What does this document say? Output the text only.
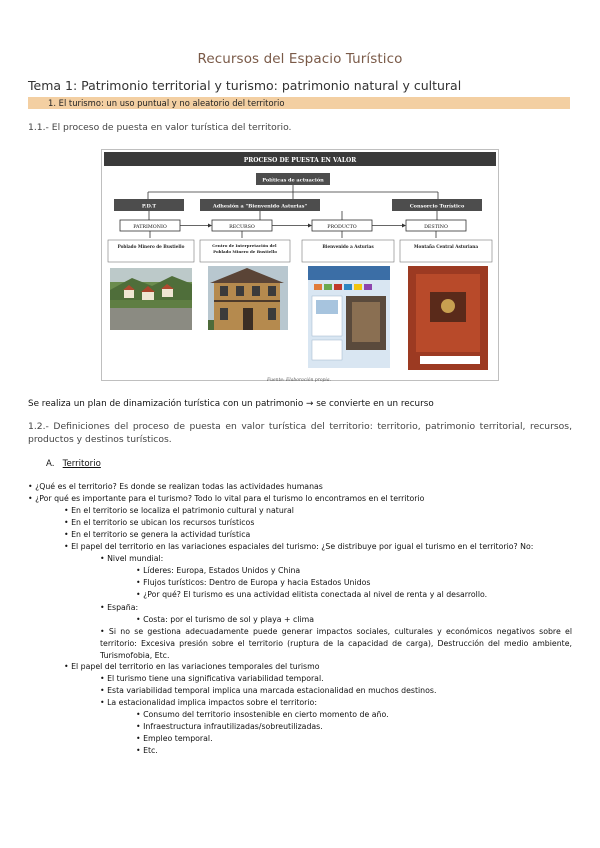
Recursos del Espacio Turístico
Tema 1: Patrimonio territorial y turismo: patrimonio natural y cultural
1. El turismo: un uso puntual y no aleatorio del territorio
1.1.- El proceso de puesta en valor turística del territorio.
PROCESO DE PUESTA EN VALOR
Políticas de actuación
P.D.T	Adhesión a "Bienvenido Asturias"	Consorcio Turístico
PATRIMONIO	RECURSO	PRODUCTO	DESTINO
Poblado Minero de Bustiello	Centro de Interpretación del Poblado Minero de Bustiello
Bienvenido a Asturias	Montaña Central Asturiana
Fuente: Elaboración propia.
Se realiza un plan de dinamización turística con un patrimonio → se convierte en un recurso
1.2.- Definiciones del proceso de puesta en valor turística del territorio: territorio, patrimonio territorial, recursos, productos y destinos turísticos.
A. Territorio
• ¿Qué es el territorio? Es donde se realizan todas las actividades humanas
• ¿Por qué es importante para el turismo? Todo lo vital para el turismo lo encontramos en el territorio
• En el territorio se localiza el patrimonio cultural y natural
• En el territorio se ubican los recursos turísticos
• En el territorio se genera la actividad turística
• El papel del territorio en las variaciones espaciales del turismo: ¿Se distribuye por igual el turismo en el territorio? No:
• Nivel mundial:
• Líderes: Europa, Estados Unidos y China
• Flujos turísticos: Dentro de Europa y hacia Estados Unidos
• ¿Por qué? El turismo es una actividad elitista conectada al nivel de renta y al desarrollo.
• España:
• Costa: por el turismo de sol y playa + clima
• Si no se gestiona adecuadamente puede generar impactos sociales, culturales y económicos negativos sobre el territorio: Excesiva presión sobre el territorio (ruptura de la capacidad de carga), Destrucción del medio ambiente, Turismofobia, Etc.
• El papel del territorio en las variaciones temporales del turismo
• El turismo tiene una significativa variabilidad temporal.
• Esta variabilidad temporal implica una marcada estacionalidad en muchos destinos.
• La estacionalidad implica impactos sobre el territorio:
• Consumo del territorio insostenible en cierto momento de año.
• Infraestructura infrautilizadas/sobreutilizadas.
• Empleo temporal.
• Etc.
